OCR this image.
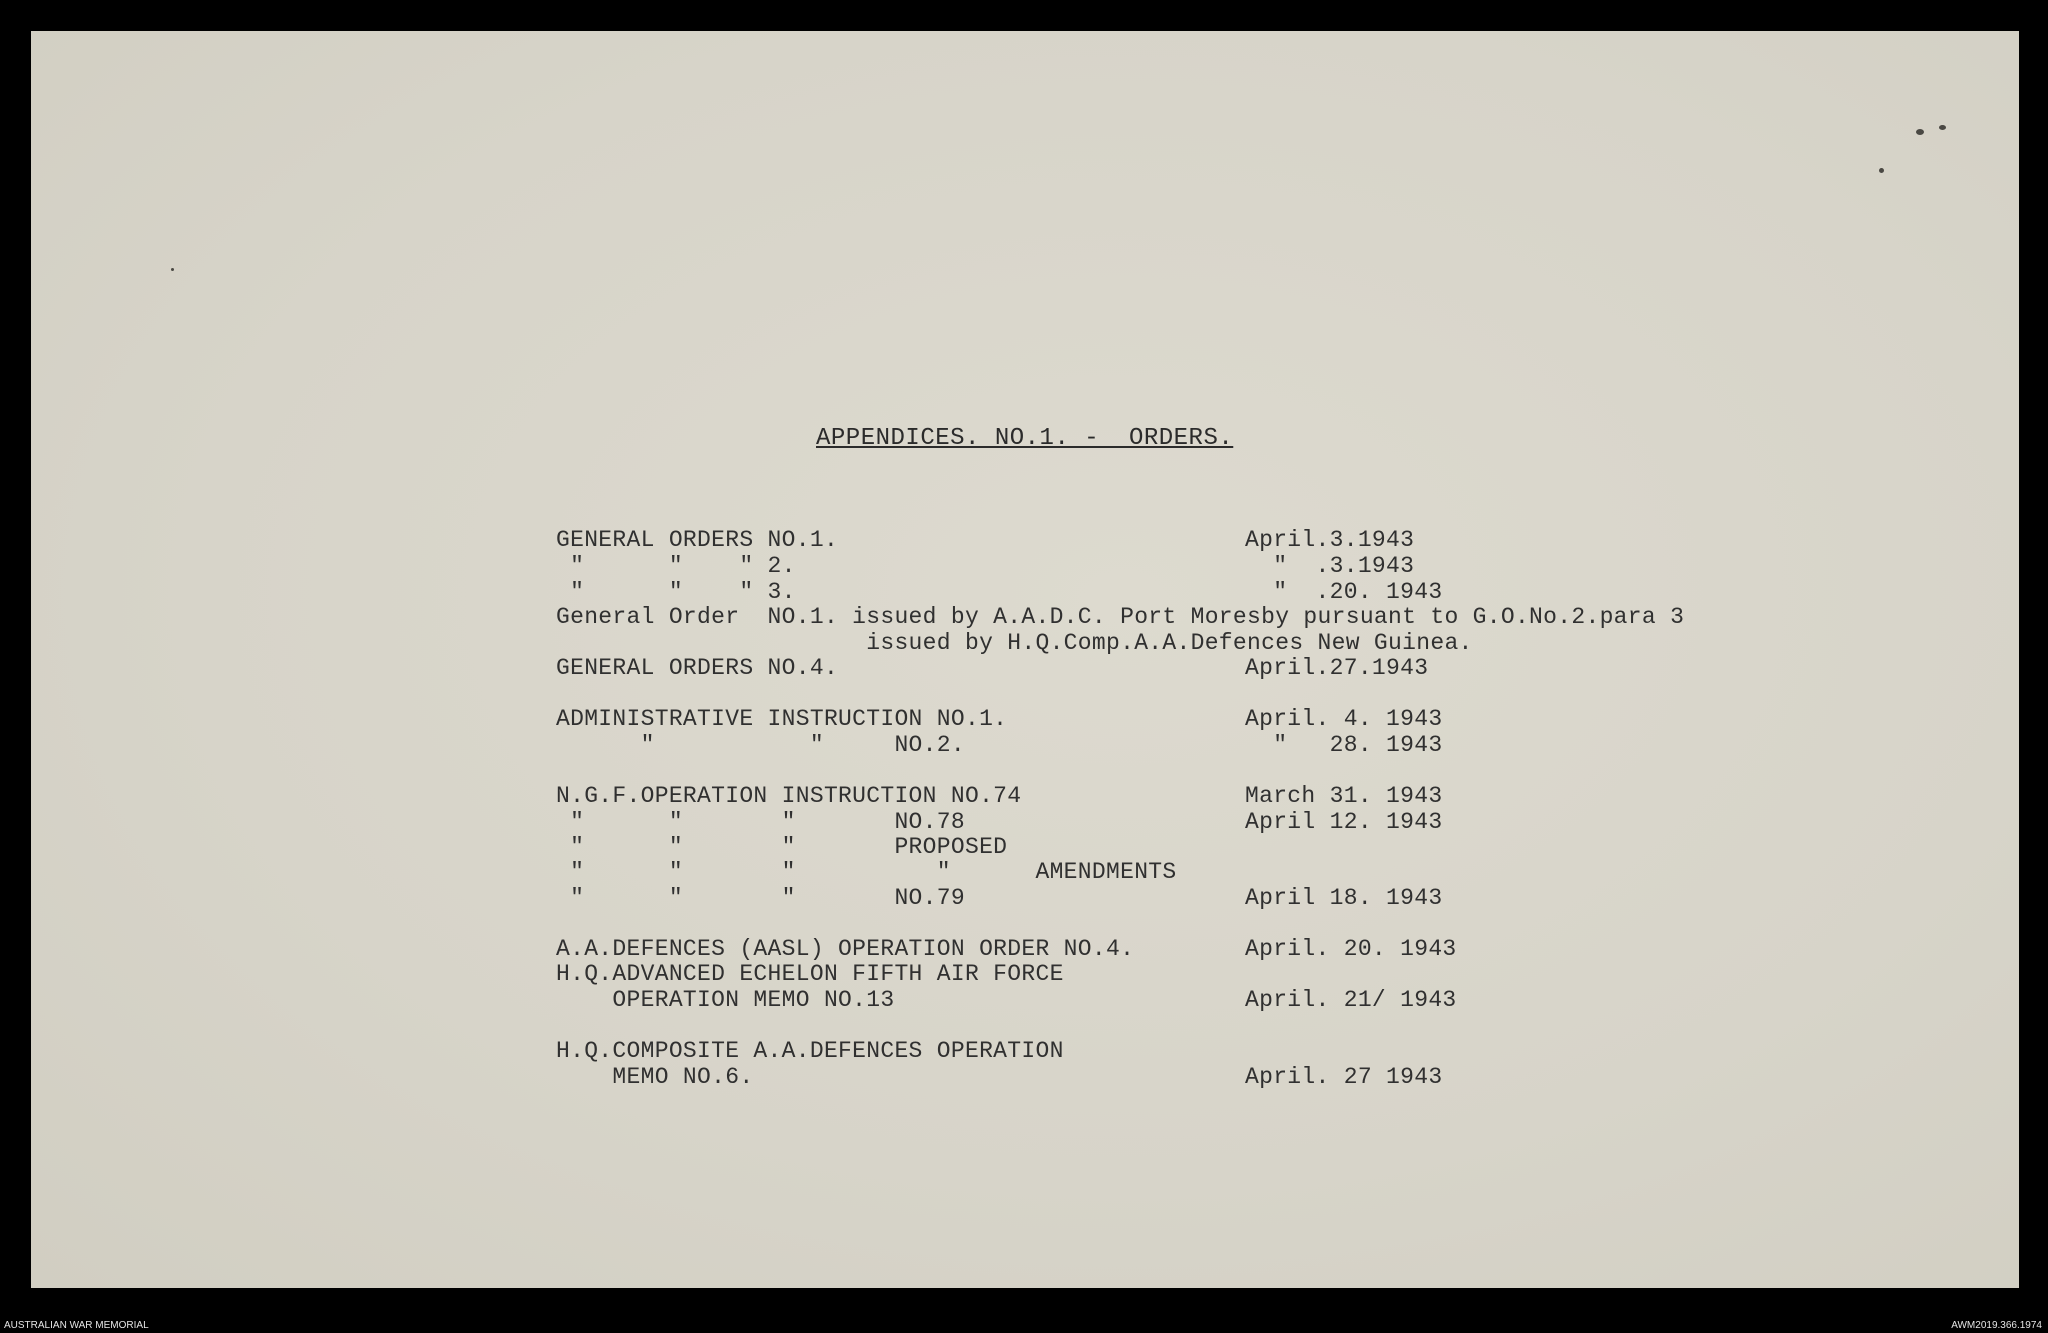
APPENDICES. NO.1. -  ORDERS.
GENERAL ORDERS NO.1.	April.3.1943
"      "    " 2.	"  .3.1943
"      "    " 3.	"  .20. 1943
General Order  NO.1. issued by A.A.D.C. Port Moresby pursuant to G.O.No.2.para 3
issued by H.Q.Comp.A.A.Defences New Guinea.
GENERAL ORDERS NO.4.	April.27.1943
ADMINISTRATIVE INSTRUCTION NO.1.	April. 4. 1943
"           "     NO.2.	"   28. 1943
N.G.F.OPERATION INSTRUCTION NO.74	March 31. 1943
"      "       "       NO.78	April 12. 1943
"      "       "       PROPOSED
"      "       "          "      AMENDMENTS
"      "       "       NO.79	April 18. 1943
A.A.DEFENCES (AASL) OPERATION ORDER NO.4.	April. 20. 1943
H.Q.ADVANCED ECHELON FIFTH AIR FORCE
OPERATION MEMO NO.13	April. 21/ 1943
H.Q.COMPOSITE A.A.DEFENCES OPERATION
MEMO NO.6.	April. 27 1943
AUSTRALIAN WAR MEMORIAL	AWM2019.366.1974
